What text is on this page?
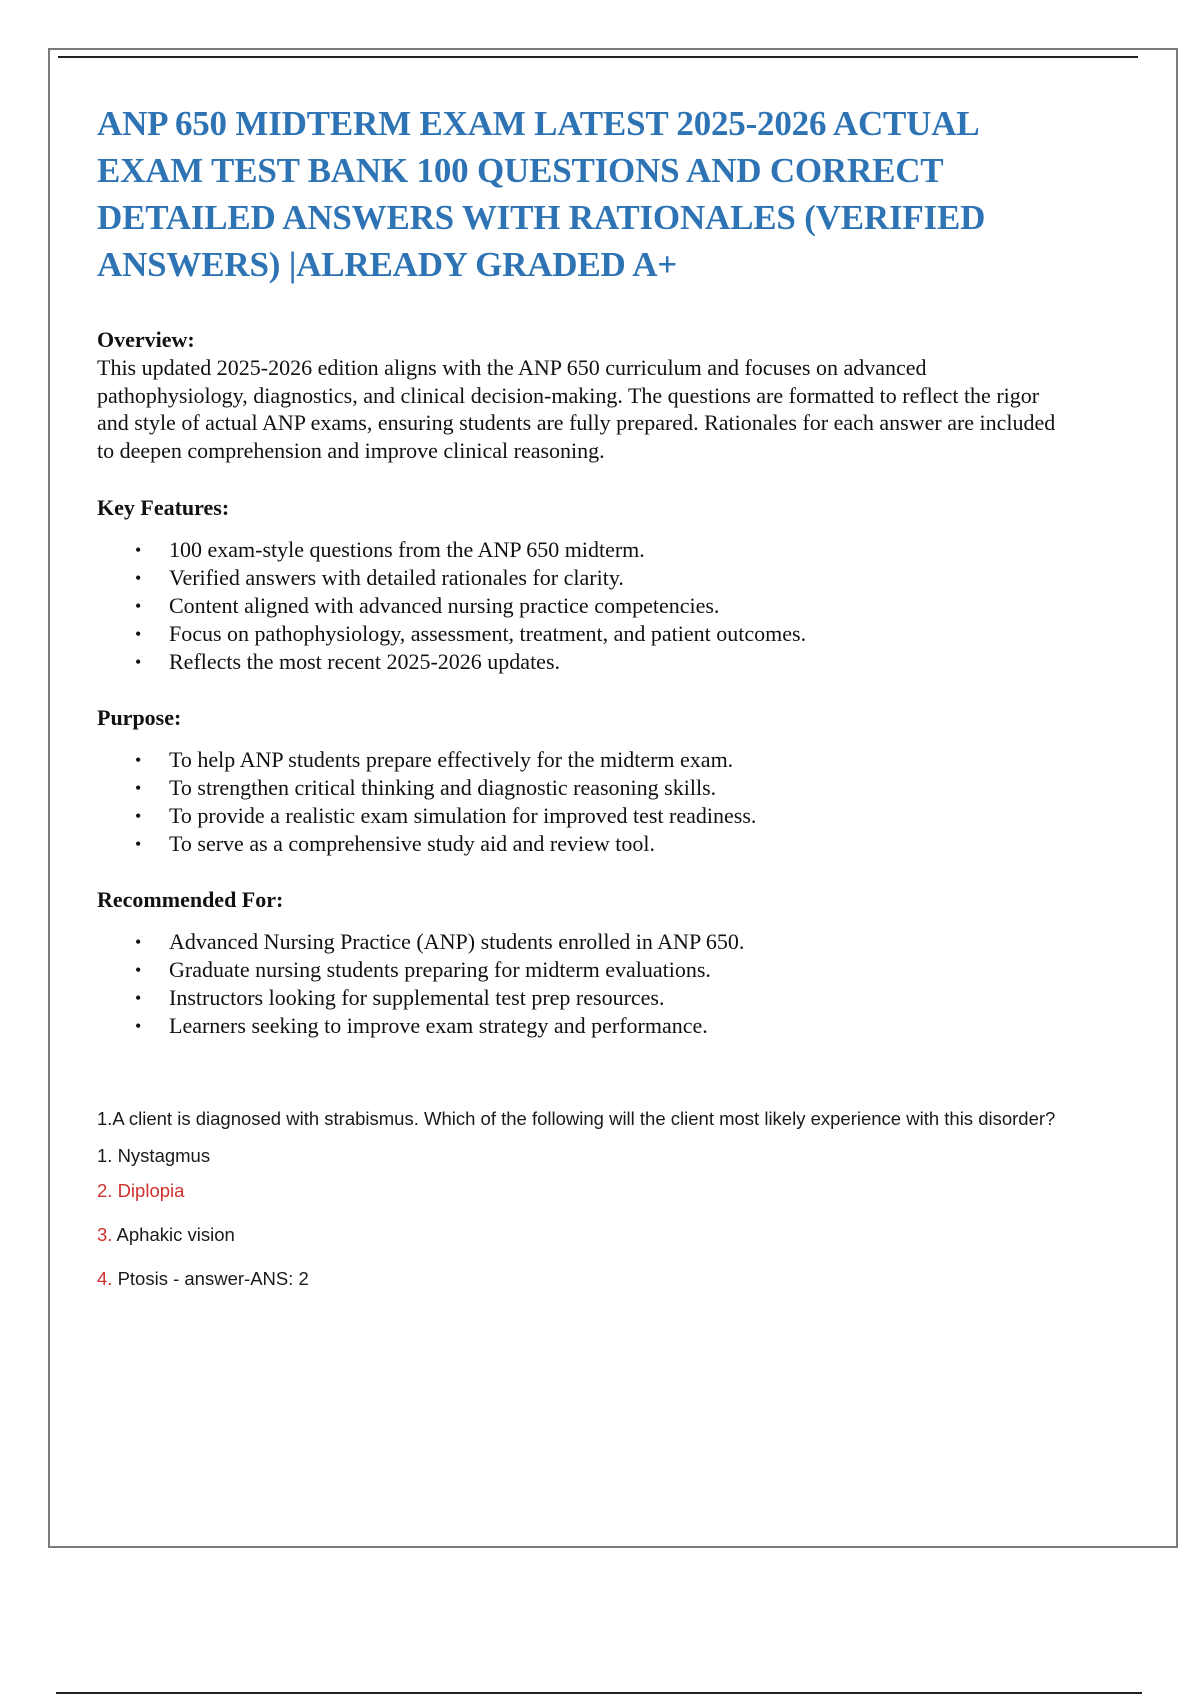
ANP 650 MIDTERM EXAM LATEST 2025-2026 ACTUAL EXAM TEST BANK 100 QUESTIONS AND CORRECT DETAILED ANSWERS WITH RATIONALES (VERIFIED ANSWERS) |ALREADY GRADED A+

Overview:

This updated 2025-2026 edition aligns with the ANP 650 curriculum and focuses on advanced pathophysiology, diagnostics, and clinical decision-making. The questions are formatted to reflect the rigor and style of actual ANP exams, ensuring students are fully prepared. Rationales for each answer are included to deepen comprehension and improve clinical reasoning.

Key Features:

• 100 exam-style questions from the ANP 650 midterm.
• Verified answers with detailed rationales for clarity.
• Content aligned with advanced nursing practice competencies.
• Focus on pathophysiology, assessment, treatment, and patient outcomes.
• Reflects the most recent 2025-2026 updates.

Purpose:

• To help ANP students prepare effectively for the midterm exam.
• To strengthen critical thinking and diagnostic reasoning skills.
• To provide a realistic exam simulation for improved test readiness.
• To serve as a comprehensive study aid and review tool.

Recommended For:

• Advanced Nursing Practice (ANP) students enrolled in ANP 650.
• Graduate nursing students preparing for midterm evaluations.
• Instructors looking for supplemental test prep resources.
• Learners seeking to improve exam strategy and performance.

1.A client is diagnosed with strabismus. Which of the following will the client most likely experience with this disorder? 1. Nystagmus

2. Diplopia

3. Aphakic vision

4. Ptosis - answer-ANS: 2
